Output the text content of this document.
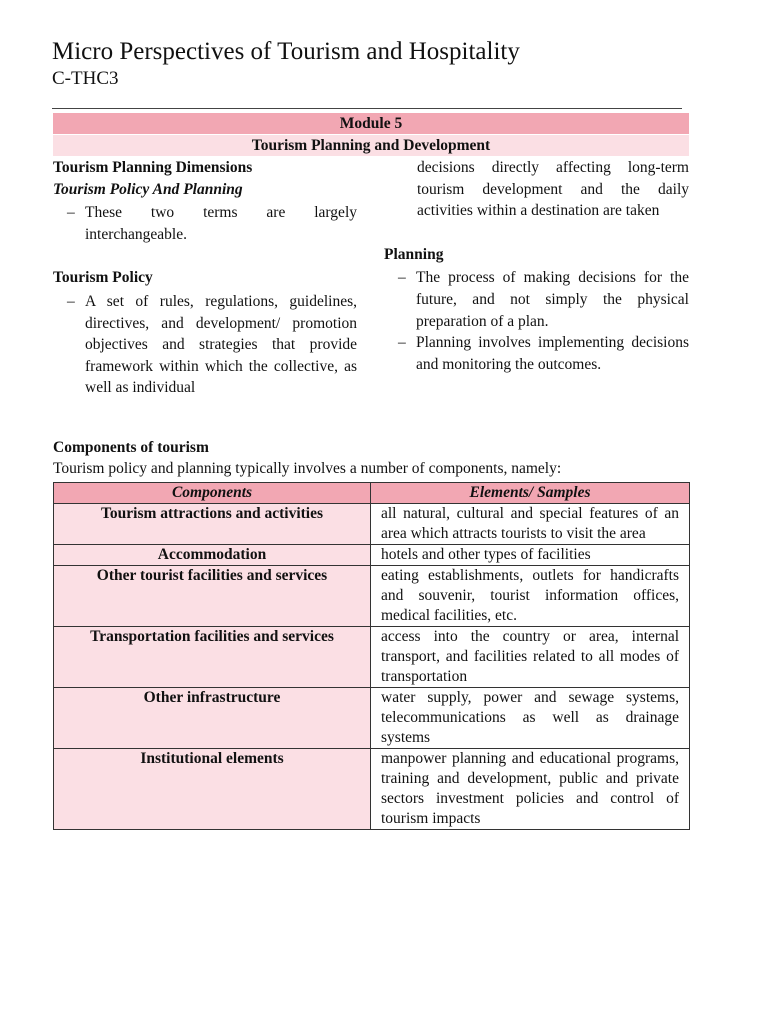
Micro Perspectives of Tourism and Hospitality
C-THC3
Module 5
Tourism Planning and Development
Tourism Planning Dimensions
Tourism Policy And Planning
– These two terms are largely interchangeable.
Tourism Policy
– A set of rules, regulations, guidelines, directives, and development/ promotion objectives and strategies that provide framework within which the collective, as well as individual
decisions directly affecting long-term tourism development and the daily activities within a destination are taken
Planning
– The process of making decisions for the future, and not simply the physical preparation of a plan.
– Planning involves implementing decisions and monitoring the outcomes.
Components of tourism
Tourism policy and planning typically involves a number of components, namely:
Components	Elements/ Samples
Tourism attractions and activities	all natural, cultural and special features of an area which attracts tourists to visit the area
Accommodation	hotels and other types of facilities
Other tourist facilities and services	eating establishments, outlets for handicrafts and souvenir, tourist information offices, medical facilities, etc.
Transportation facilities and services	access into the country or area, internal transport, and facilities related to all modes of transportation
Other infrastructure	water supply, power and sewage systems, telecommunications as well as drainage systems
Institutional elements	manpower planning and educational programs, training and development, public and private sectors investment policies and control of tourism impacts
